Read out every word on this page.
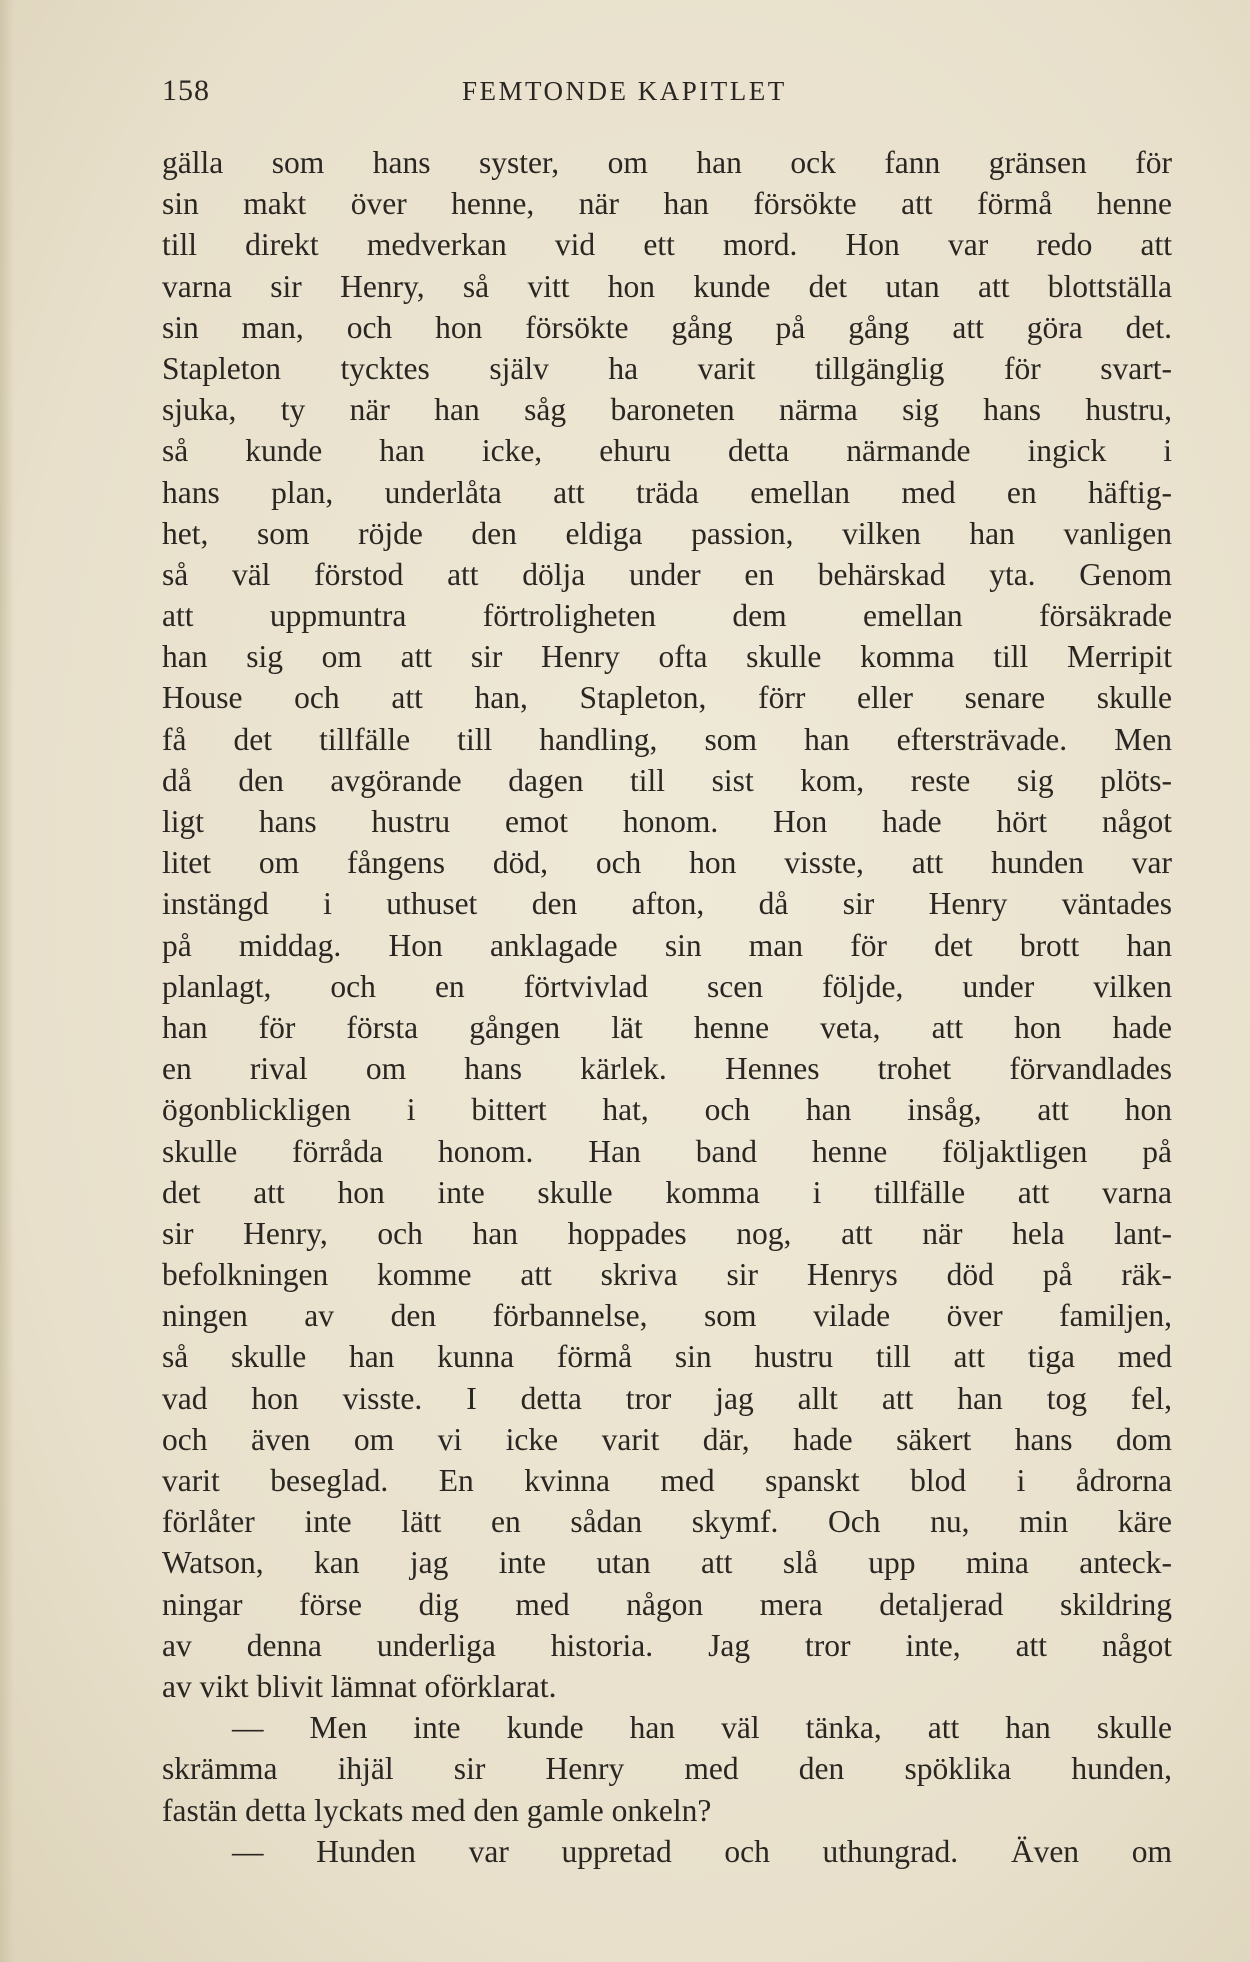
158	FEMTONDE KAPITLET
gälla som hans syster, om han ock fann gränsen för
sin makt över henne, när han försökte att förmå henne
till direkt medverkan vid ett mord. Hon var redo att
varna sir Henry, så vitt hon kunde det utan att blottställa
sin man, och hon försökte gång på gång att göra det.
Stapleton tycktes själv ha varit tillgänglig för svart-
sjuka, ty när han såg baroneten närma sig hans hustru,
så kunde han icke, ehuru detta närmande ingick i
hans plan, underlåta att träda emellan med en häftig-
het, som röjde den eldiga passion, vilken han vanligen
så väl förstod att dölja under en behärskad yta. Genom
att uppmuntra förtroligheten dem emellan försäkrade
han sig om att sir Henry ofta skulle komma till Merripit
House och att han, Stapleton, förr eller senare skulle
få det tillfälle till handling, som han eftersträvade. Men
då den avgörande dagen till sist kom, reste sig plöts-
ligt hans hustru emot honom. Hon hade hört något
litet om fångens död, och hon visste, att hunden var
instängd i uthuset den afton, då sir Henry väntades
på middag. Hon anklagade sin man för det brott han
planlagt, och en förtvivlad scen följde, under vilken
han för första gången lät henne veta, att hon hade
en rival om hans kärlek. Hennes trohet förvandlades
ögonblickligen i bittert hat, och han insåg, att hon
skulle förråda honom. Han band henne följaktligen på
det att hon inte skulle komma i tillfälle att varna
sir Henry, och han hoppades nog, att när hela lant-
befolkningen komme att skriva sir Henrys död på räk-
ningen av den förbannelse, som vilade över familjen,
så skulle han kunna förmå sin hustru till att tiga med
vad hon visste. I detta tror jag allt att han tog fel,
och även om vi icke varit där, hade säkert hans dom
varit beseglad. En kvinna med spanskt blod i ådrorna
förlåter inte lätt en sådan skymf. Och nu, min käre
Watson, kan jag inte utan att slå upp mina anteck-
ningar förse dig med någon mera detaljerad skildring
av denna underliga historia. Jag tror inte, att något
av vikt blivit lämnat oförklarat.
— Men inte kunde han väl tänka, att han skulle
skrämma ihjäl sir Henry med den spöklika hunden,
fastän detta lyckats med den gamle onkeln?
— Hunden var uppretad och uthungrad. Även om
